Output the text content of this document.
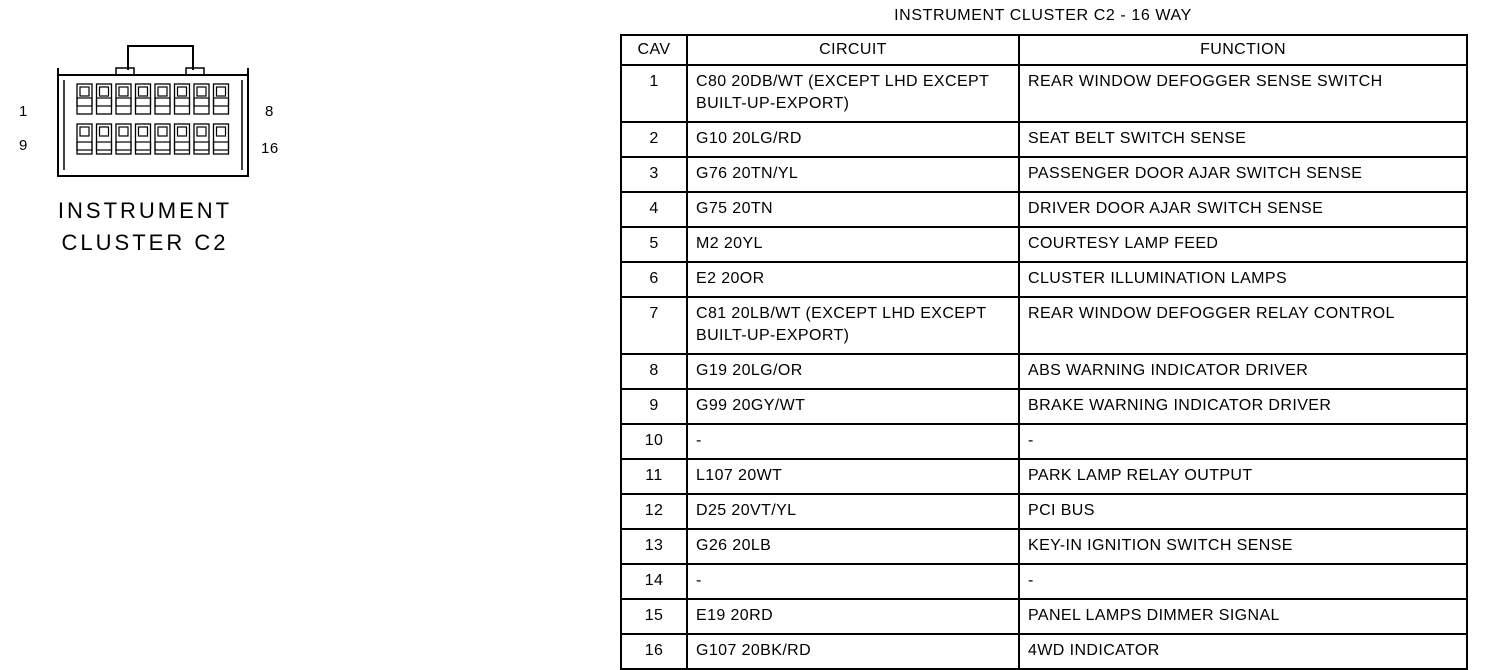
1	8
9	16
INSTRUMENT
CLUSTER C2
INSTRUMENT CLUSTER C2 - 16 WAY
CAV	CIRCUIT	FUNCTION
1	C80 20DB/WT (EXCEPT LHD EXCEPT BUILT-UP-EXPORT)	REAR WINDOW DEFOGGER SENSE SWITCH
2	G10 20LG/RD	SEAT BELT SWITCH SENSE
3	G76 20TN/YL	PASSENGER DOOR AJAR SWITCH SENSE
4	G75 20TN	DRIVER DOOR AJAR SWITCH SENSE
5	M2 20YL	COURTESY LAMP FEED
6	E2 20OR	CLUSTER ILLUMINATION LAMPS
7	C81 20LB/WT (EXCEPT LHD EXCEPT BUILT-UP-EXPORT)	REAR WINDOW DEFOGGER RELAY CONTROL
8	G19 20LG/OR	ABS WARNING INDICATOR DRIVER
9	G99 20GY/WT	BRAKE WARNING INDICATOR DRIVER
10	-	-
11	L107 20WT	PARK LAMP RELAY OUTPUT
12	D25 20VT/YL	PCI BUS
13	G26 20LB	KEY-IN IGNITION SWITCH SENSE
14	-	-
15	E19 20RD	PANEL LAMPS DIMMER SIGNAL
16	G107 20BK/RD	4WD INDICATOR
